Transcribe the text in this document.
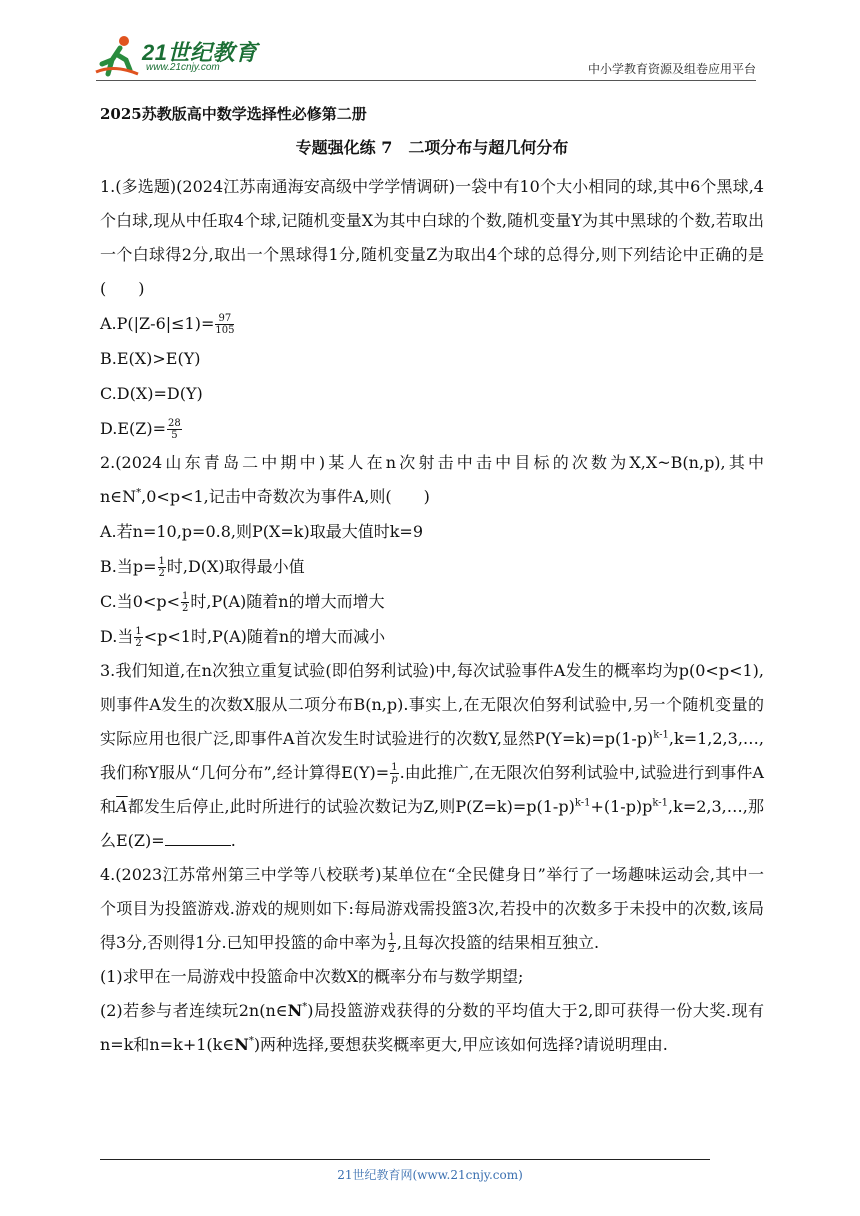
21世纪教育
www.21cnjy.com	中小学教育资源及组卷应用平台
2025苏教版高中数学选择性必修第二册
专题强化练 7　二项分布与超几何分布

1.(多选题)(2024江苏南通海安高级中学学情调研)一袋中有10个大小相同的球,其中6个黑球,4个白球,现从中任取4个球,记随机变量X为其中白球的个数,随机变量Y为其中黑球的个数,若取出一个白球得2分,取出一个黑球得1分,随机变量Z为取出4个球的总得分,则下列结论中正确的是(　　)

$A.P(|Z-6|\le 1)= \frac{97}{105}$

B.E(X)>E(Y)

C.D(X)=D(Y)

$D.E(Z)= \frac{28}{5}$

2.(2024山东青岛二中期中)某人在n次射击中击中目标的次数为X,X~B(n,p),其中n∈N*,0<p<1,记击中奇数次为事件A,则(　　)

A.若n=10,p=0.8,则P(X=k)取最大值时k=9

B.当$p= \frac{1}{2}$ 时,D(X)取得最小值

C.当$0<p< \frac{1}{2}$ 时,P(A)随着n的增大而增大

D.当 $\frac{1}{2} <p<1$时,P(A)随着n的增大而减小

3.我们知道,在n次独立重复试验(即伯努利试验)中,每次试验事件A发生的概率均为p(0<p<1),则事件A发生的次数X服从二项分布B(n,p).事实上,在无限次伯努利试验中,另一个随机变量的实际应用也很广泛,即事件A首次发生时试验进行的次数Y,显然$P(Y=k)=p(1-p)^{k-1},k=1,2,3,\dots$,我们称Y服从“几何分布”,经计算得$E(Y)= \frac{1}{p}$ .由此推广,在无限次伯努利试验中,试验进行到事件A和$\overline{A}$都发生后停止,此时所进行的试验次数记为Z,则$P(Z=k)=p(1-p)^{k-1}+(1-p)p^{k-1},k=2,3,\dots$,那么E(Z)=	.

4.(2023江苏常州第三中学等八校联考)某单位在“全民健身日”举行了一场趣味运动会,其中一个项目为投篮游戏.游戏的规则如下:每局游戏需投篮3次,若投中的次数多于未投中的次数,该局得3分,否则得1分.已知甲投篮的命中率为 $\frac{1}{2}$ ,且每次投篮的结果相互独立.

(1)求甲在一局游戏中投篮命中次数X的概率分布与数学期望;

(2)若参与者连续玩2n(n∈N*)局投篮游戏获得的分数的平均值大于2,即可获得一份大奖.现有n=k和n=k+1(k∈N*)两种选择,要想获奖概率更大,甲应该如何选择?请说明理由.

21世纪教育网(www.21cnjy.com)
